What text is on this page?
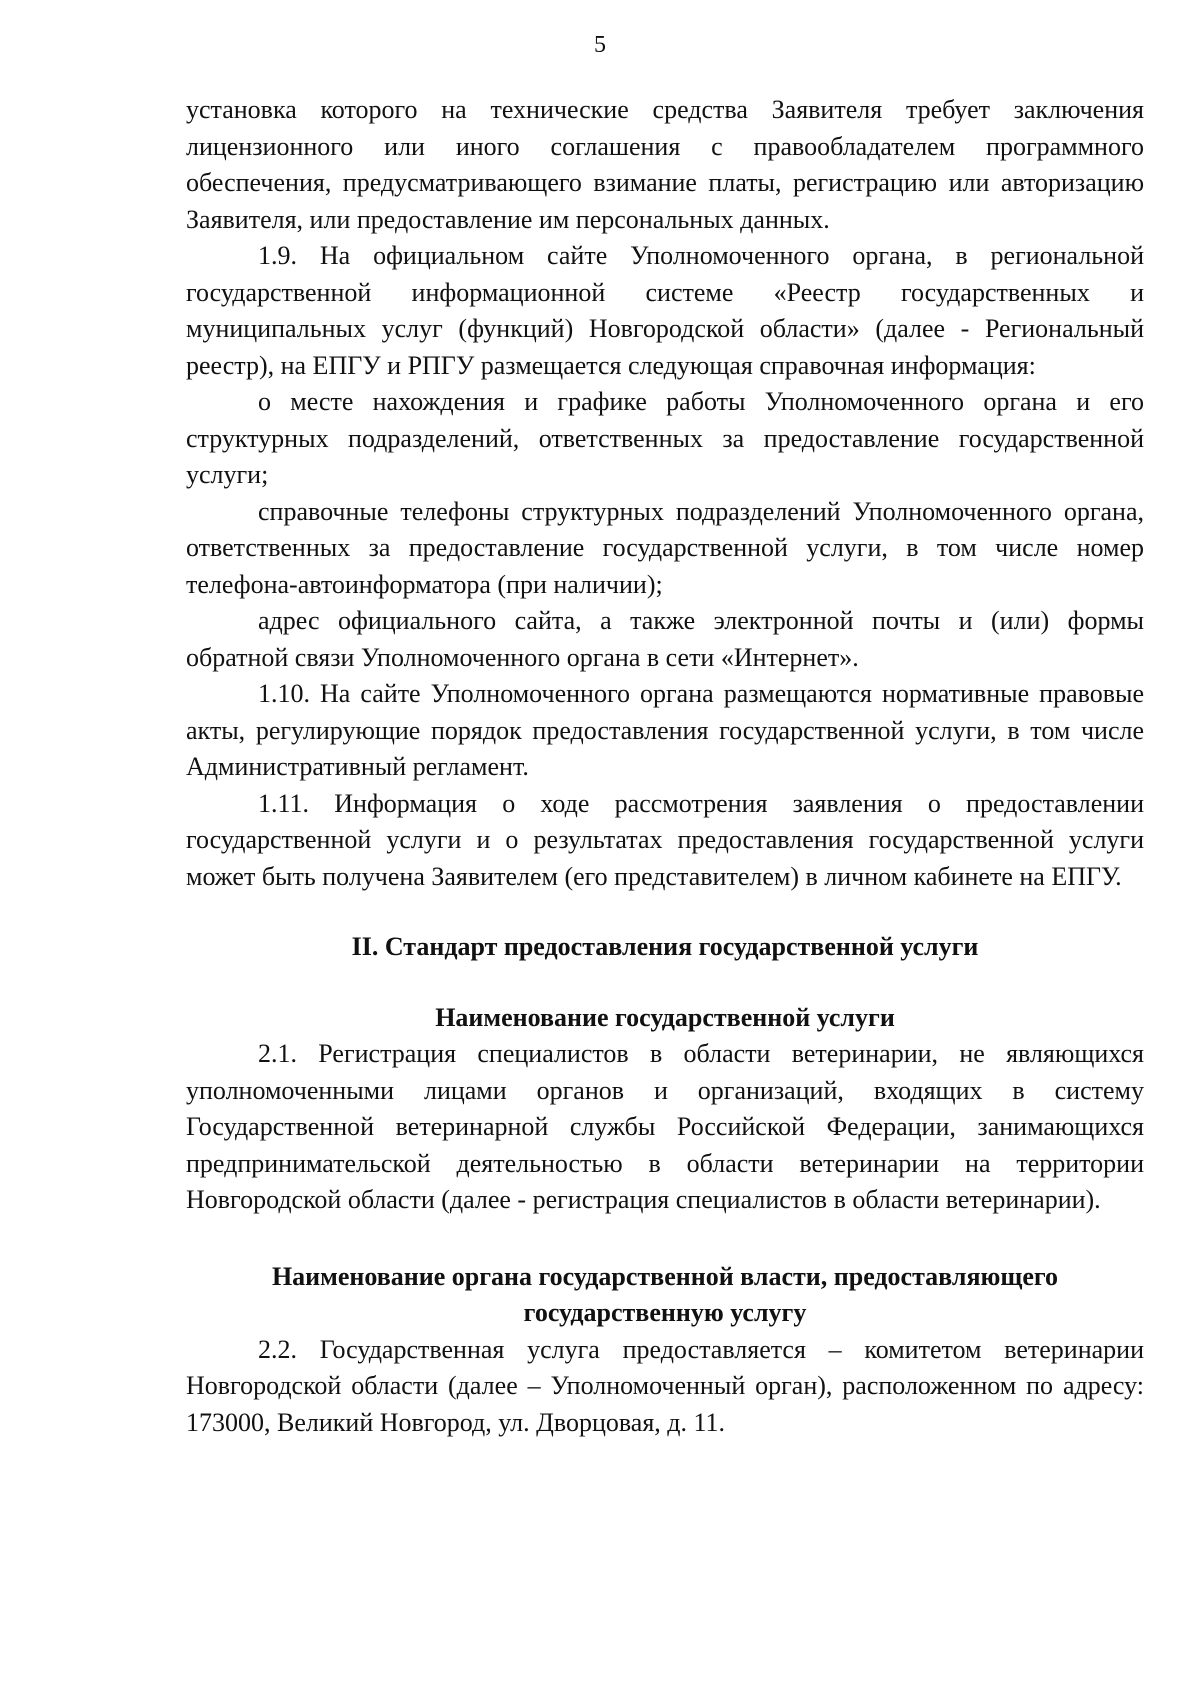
5

установка которого на технические средства Заявителя требует заключения лицензионного или иного соглашения с правообладателем программного обеспечения, предусматривающего взимание платы, регистрацию или авторизацию Заявителя, или предоставление им персональных данных.

1.9. На официальном сайте Уполномоченного органа, в региональной государственной информационной системе «Реестр государственных и муниципальных услуг (функций) Новгородской области» (далее - Региональный реестр), на ЕПГУ и РПГУ размещается следующая справочная информация:

о месте нахождения и графике работы Уполномоченного органа и его структурных подразделений, ответственных за предоставление государственной услуги;

справочные телефоны структурных подразделений Уполномоченного органа, ответственных за предоставление государственной услуги, в том числе номер телефона-автоинформатора (при наличии);

адрес официального сайта, а также электронной почты и (или) формы обратной связи Уполномоченного органа в сети «Интернет».

1.10. На сайте Уполномоченного органа размещаются нормативные правовые акты, регулирующие порядок предоставления государственной услуги, в том числе Административный регламент.

1.11. Информация о ходе рассмотрения заявления о предоставлении государственной услуги и о результатах предоставления государственной услуги может быть получена Заявителем (его представителем) в личном кабинете на ЕПГУ.

II. Стандарт предоставления государственной услуги

Наименование государственной услуги

2.1. Регистрация специалистов в области ветеринарии, не являющихся уполномоченными лицами органов и организаций, входящих в систему Государственной ветеринарной службы Российской Федерации, занимающихся предпринимательской деятельностью в области ветеринарии на территории Новгородской области (далее - регистрация специалистов в области ветеринарии).

Наименование органа государственной власти, предоставляющего

государственную услугу

2.2. Государственная услуга предоставляется – комитетом ветеринарии Новгородской области (далее – Уполномоченный орган), расположенном по адресу: 173000, Великий Новгород, ул. Дворцовая, д. 11.
